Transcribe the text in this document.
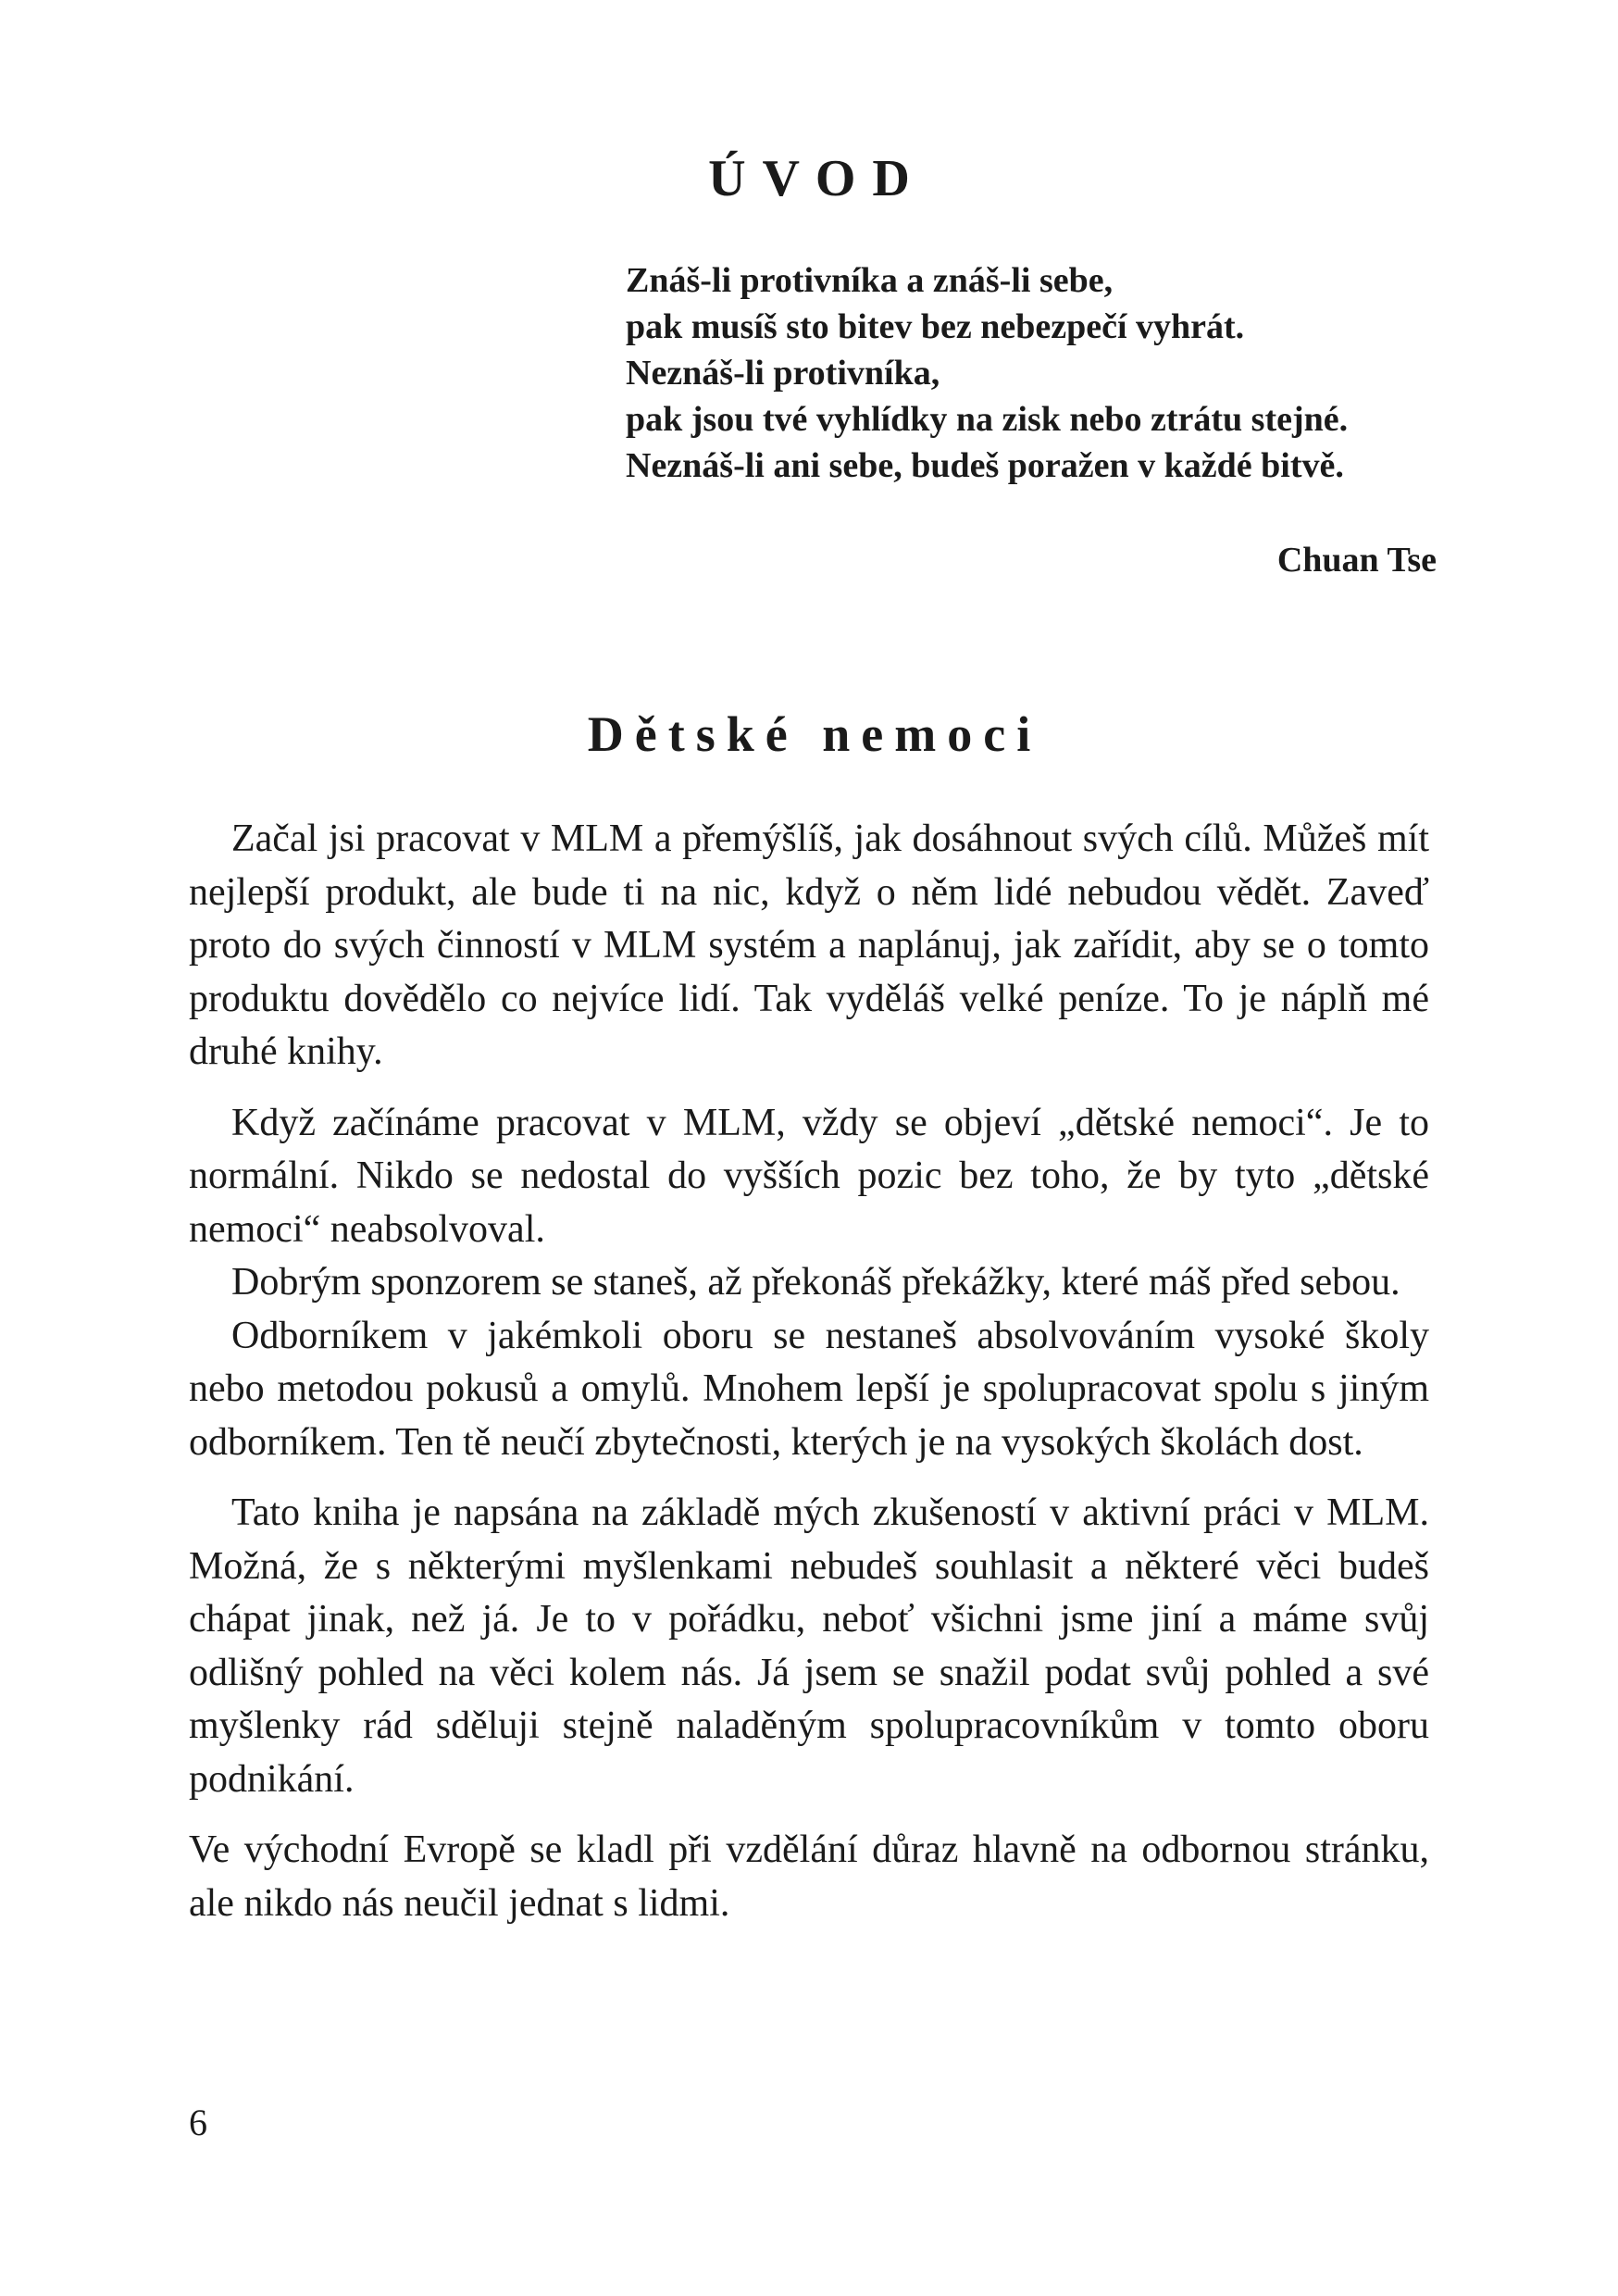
ÚVOD
Znáš-li protivníka a znáš-li sebe,
pak musíš sto bitev bez nebezpečí vyhrát.
Neznáš-li protivníka,
pak jsou tvé vyhlídky na zisk nebo ztrátu stejné.
Neznáš-li ani sebe, budeš poražen v každé bitvě.
Chuan Tse
Dětské nemoci

Začal jsi pracovat v MLM a přemýšlíš, jak dosáhnout svých cílů. Můžeš mít nejlepší produkt, ale bude ti na nic, když o něm lidé nebudou vědět. Zaveď proto do svých činností v MLM systém a naplánuj, jak zařídit, aby se o tomto produktu dovědělo co nejvíce lidí. Tak vyděláš velké peníze. To je náplň mé druhé knihy.

Když začínáme pracovat v MLM, vždy se objeví „dětské nemoci“. Je to normální. Nikdo se nedostal do vyšších pozic bez toho, že by tyto „dětské nemoci“ neabsolvoval.

Dobrým sponzorem se staneš, až překonáš překážky, které máš před sebou.

Odborníkem v jakémkoli oboru se nestaneš absolvováním vysoké školy nebo metodou pokusů a omylů. Mnohem lepší je spolupracovat spolu s jiným odborníkem. Ten tě neučí zbytečnosti, kterých je na vysokých školách dost.

Tato kniha je napsána na základě mých zkušeností v aktivní práci v MLM. Možná, že s některými myšlenkami nebudeš souhlasit a některé věci budeš chápat jinak, než já. Je to v pořádku, neboť všichni jsme jiní a máme svůj odlišný pohled na věci kolem nás. Já jsem se snažil podat svůj pohled a své myšlenky rád sděluji stejně naladěným spolupracovníkům v tomto oboru podnikání.

Ve východní Evropě se kladl při vzdělání důraz hlavně na odbornou stránku, ale nikdo nás neučil jednat s lidmi.

6
